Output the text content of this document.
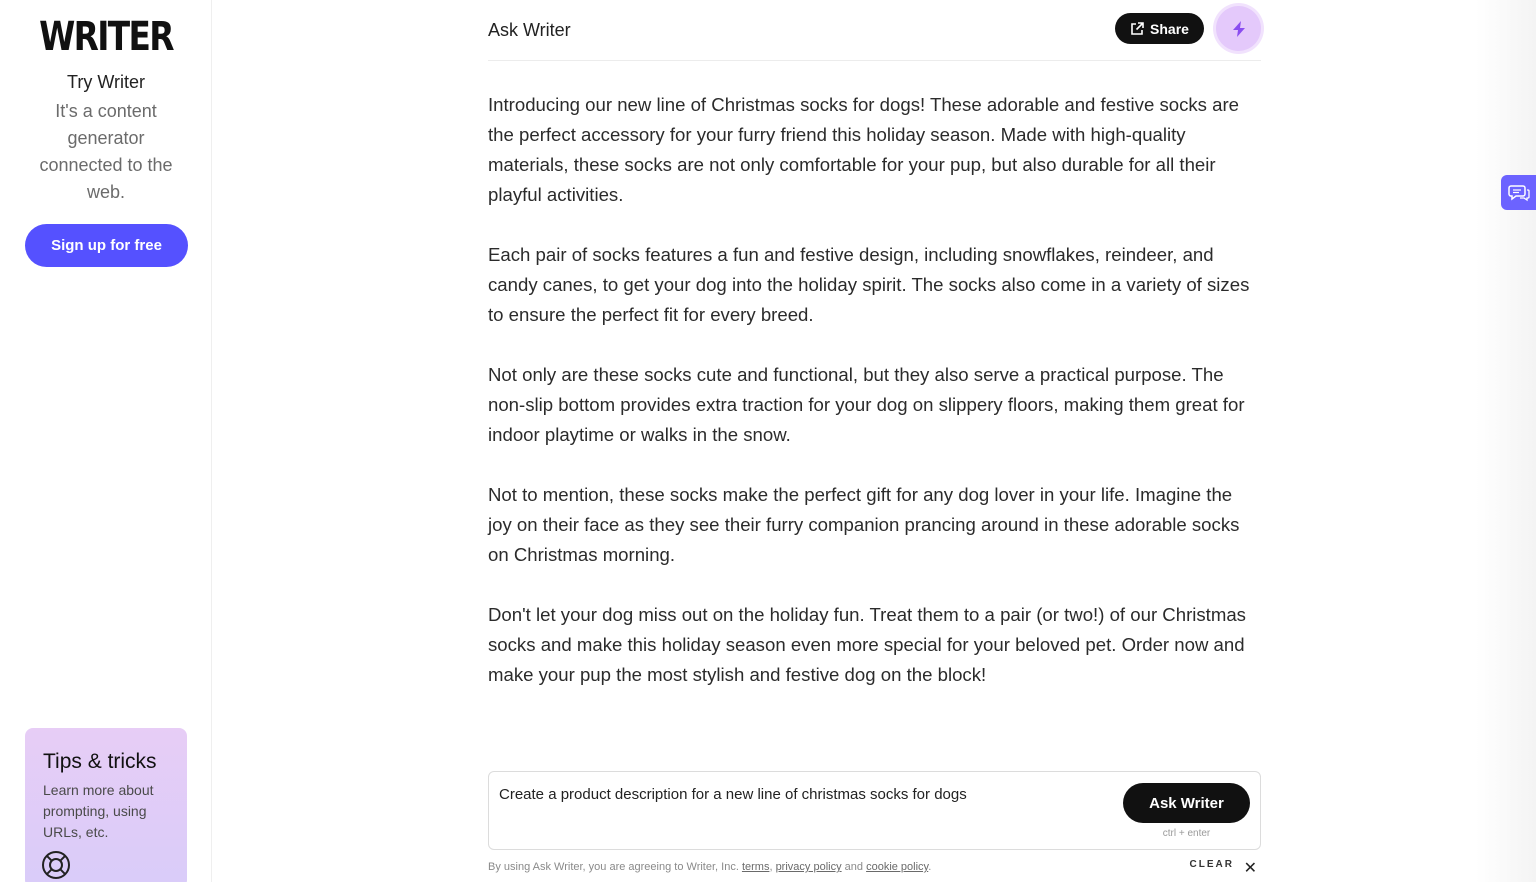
WRITER
Try Writer
It's a content generator connected to the web.
Sign up for free
Tips & tricks
Learn more about prompting, using URLs, etc.
Ask Writer	Share

Introducing our new line of Christmas socks for dogs! These adorable and festive socks are the perfect accessory for your furry friend this holiday season. Made with high-quality materials, these socks are not only comfortable for your pup, but also durable for all their playful activities.

Each pair of socks features a fun and festive design, including snowflakes, reindeer, and candy canes, to get your dog into the holiday spirit. The socks also come in a variety of sizes to ensure the perfect fit for every breed.

Not only are these socks cute and functional, but they also serve a practical purpose. The non-slip bottom provides extra traction for your dog on slippery floors, making them great for indoor playtime or walks in the snow.

Not to mention, these socks make the perfect gift for any dog lover in your life. Imagine the joy on their face as they see their furry companion prancing around in these adorable socks on Christmas morning.

Don't let your dog miss out on the holiday fun. Treat them to a pair (or two!) of our Christmas socks and make this holiday season even more special for your beloved pet. Order now and make your pup the most stylish and festive dog on the block!

Create a product description for a new line of christmas socks for dogs
Ask Writer
ctrl + enter
By using Ask Writer, you are agreeing to Writer, Inc. terms, privacy policy and cookie policy.	CLEAR ✕
